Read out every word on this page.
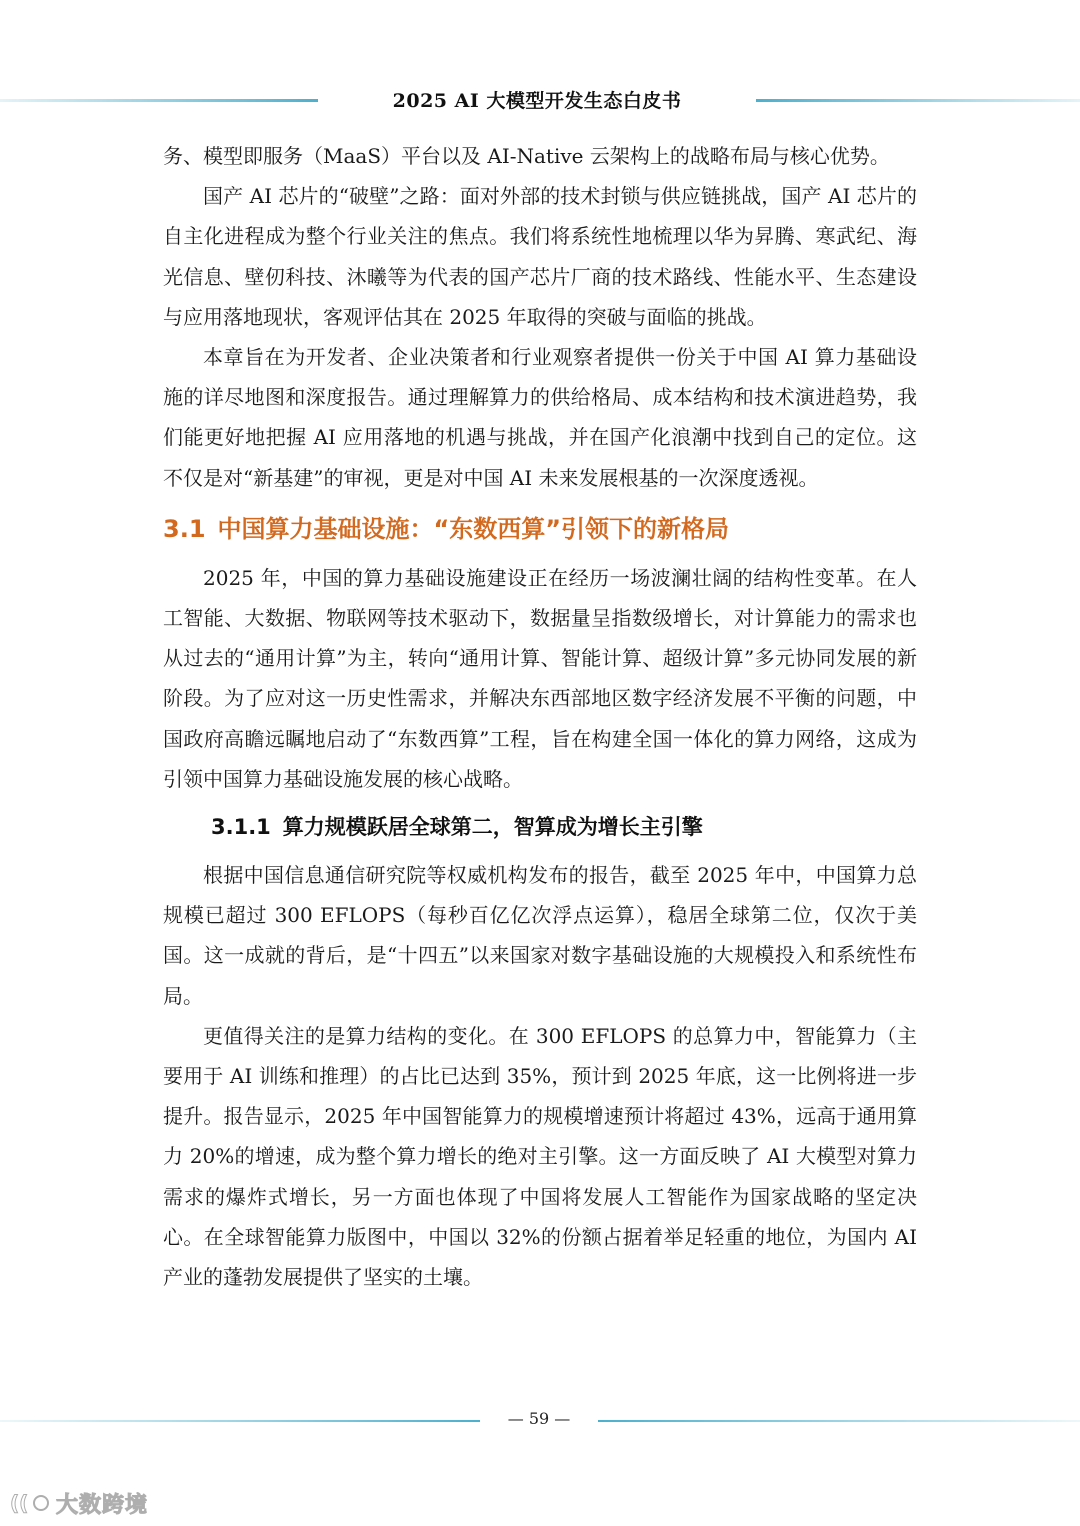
2025 AI 大模型开发生态白皮书

务、模型即服务（MaaS）平台以及 AI-Native 云架构上的战略布局与核心优势。

国产 AI 芯片的“破壁”之路：面对外部的技术封锁与供应链挑战，国产 AI 芯片的自主化进程成为整个行业关注的焦点。我们将系统性地梳理以华为昇腾、寒武纪、海光信息、壁仞科技、沐曦等为代表的国产芯片厂商的技术路线、性能水平、生态建设与应用落地现状，客观评估其在 2025 年取得的突破与面临的挑战。

本章旨在为开发者、企业决策者和行业观察者提供一份关于中国 AI 算力基础设施的详尽地图和深度报告。通过理解算力的供给格局、成本结构和技术演进趋势，我们能更好地把握 AI 应用落地的机遇与挑战，并在国产化浪潮中找到自己的定位。这不仅是对“新基建”的审视，更是对中国 AI 未来发展根基的一次深度透视。

3.1 中国算力基础设施：“东数西算”引领下的新格局

2025 年，中国的算力基础设施建设正在经历一场波澜壮阔的结构性变革。在人工智能、大数据、物联网等技术驱动下，数据量呈指数级增长，对计算能力的需求也从过去的“通用计算”为主，转向“通用计算、智能计算、超级计算”多元协同发展的新阶段。为了应对这一历史性需求，并解决东西部地区数字经济发展不平衡的问题，中国政府高瞻远瞩地启动了“东数西算”工程，旨在构建全国一体化的算力网络，这成为引领中国算力基础设施发展的核心战略。

3.1.1 算力规模跃居全球第二，智算成为增长主引擎

根据中国信息通信研究院等权威机构发布的报告，截至 2025 年中，中国算力总规模已超过 300 EFLOPS（每秒百亿亿次浮点运算），稳居全球第二位，仅次于美国。这一成就的背后，是“十四五”以来国家对数字基础设施的大规模投入和系统性布局。

更值得关注的是算力结构的变化。在 300 EFLOPS 的总算力中，智能算力（主要用于 AI 训练和推理）的占比已达到 35%，预计到 2025 年底，这一比例将进一步提升。报告显示，2025 年中国智能算力的规模增速预计将超过 43%，远高于通用算力 20%的增速，成为整个算力增长的绝对主引擎。这一方面反映了 AI 大模型对算力需求的爆炸式增长，另一方面也体现了中国将发展人工智能作为国家战略的坚定决心。在全球智能算力版图中，中国以 32%的份额占据着举足轻重的地位，为国内 AI 产业的蓬勃发展提供了坚实的土壤。

— 59 —
(( 大数跨境
